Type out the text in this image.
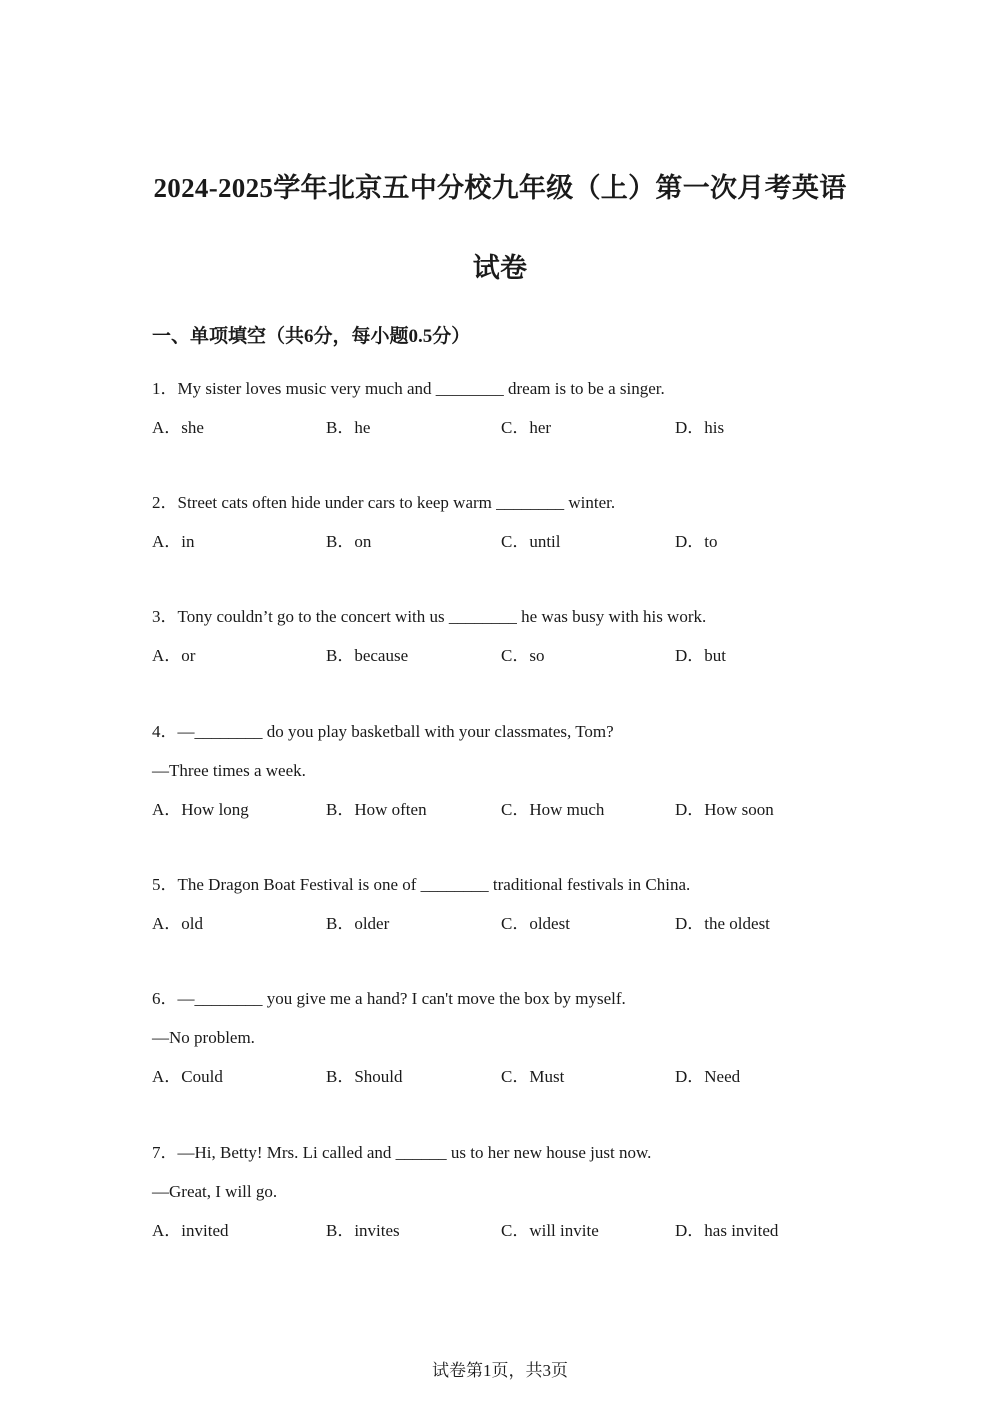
2024-2025学年北京五中分校九年级（上）第一次月考英语
试卷
一、单项填空（共6分，每小题0.5分）
1．My sister loves music very much and ________ dream is to be a singer.
A．she	B．he	C．her	D．his
2．Street cats often hide under cars to keep warm ________ winter.
A．in	B．on	C．until	D．to
3．Tony couldn’t go to the concert with us ________ he was busy with his work.
A．or	B．because	C．so	D．but
4．—________ do you play basketball with your classmates, Tom?
—Three times a week.
A．How long	B．How often	C．How much	D．How soon
5．The Dragon Boat Festival is one of ________ traditional festivals in China.
A．old	B．older	C．oldest	D．the oldest
6．—________ you give me a hand? I can't move the box by myself.
—No problem.
A．Could	B．Should	C．Must	D．Need
7．—Hi, Betty! Mrs. Li called and ______ us to her new house just now.
—Great, I will go.
A．invited	B．invites	C．will invite	D．has invited
试卷第1页，共3页
